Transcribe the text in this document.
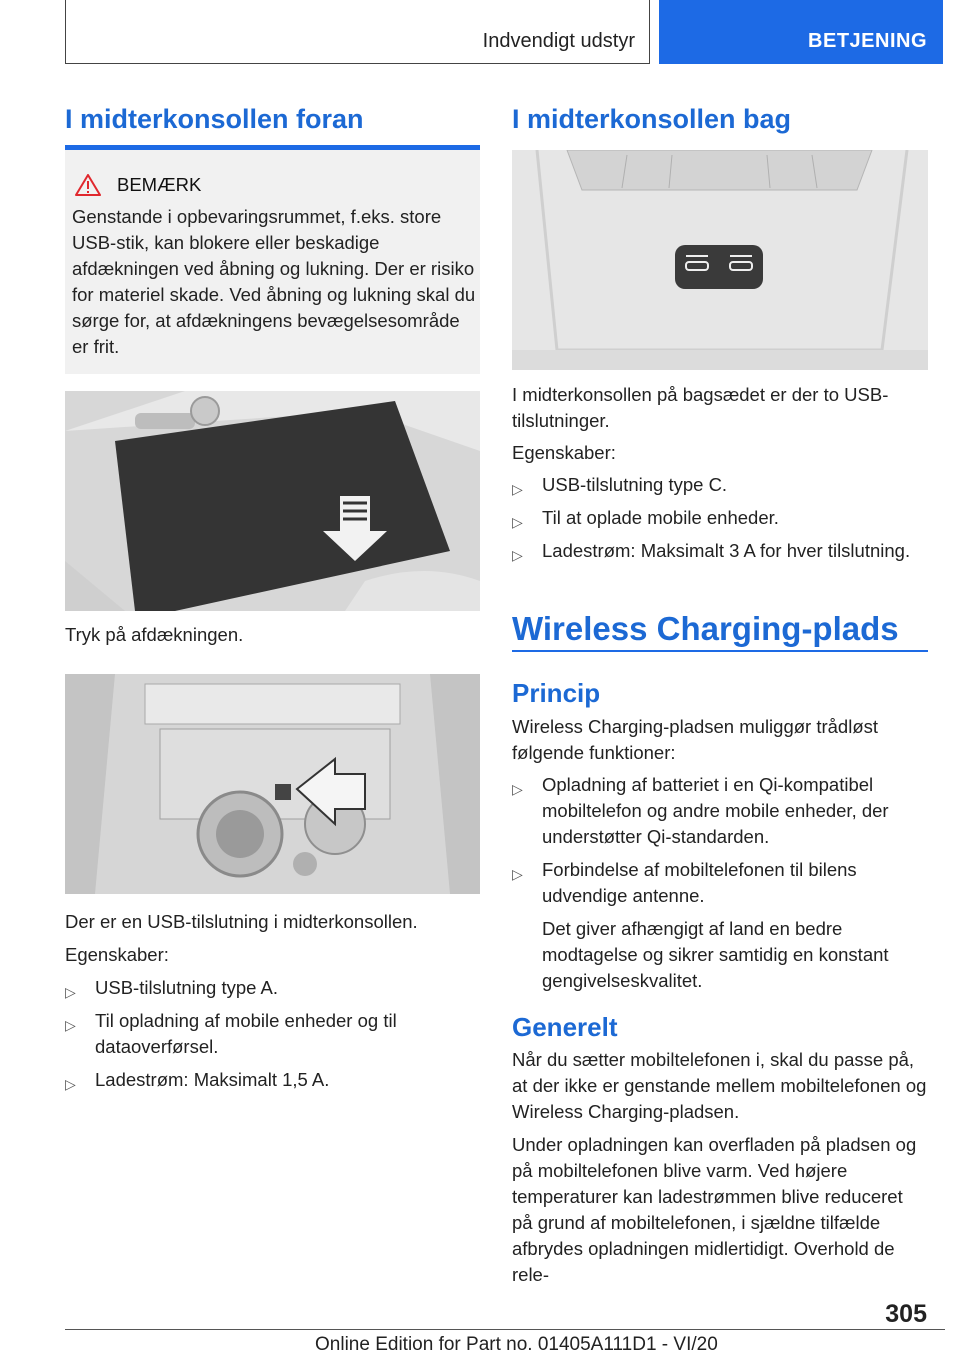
Indvendigt udstyr	BETJENING
I midterkonsollen foran
BEMÆRK
Genstande i opbevaringsrummet, f.eks. store USB-stik, kan blokere eller beskadige afdækningen ved åbning og lukning. Der er risiko for materiel skade. Ved åbning og lukning skal du sørge for, at afdækningens bevægelsesområde er frit.

Tryk på afdækningen.

Der er en USB-tilslutning i midterkonsollen.

Egenskaber:

▷ USB-tilslutning type A.
▷ Til opladning af mobile enheder og til dataoverførsel.
▷ Ladestrøm: Maksimalt 1,5 A.
I midterkonsollen bag

I midterkonsollen på bagsædet er der to USB-tilslutninger.

Egenskaber:

▷ USB-tilslutning type C.
▷ Til at oplade mobile enheder.
▷ Ladestrøm: Maksimalt 3 A for hver tilslutning.
Wireless Charging-plads
Princip

Wireless Charging-pladsen muliggør trådløst følgende funktioner:

▷ Opladning af batteriet i en Qi-kompatibel mobiltelefon og andre mobile enheder, der understøtter Qi-standarden.
▷ Forbindelse af mobiltelefonen til bilens udvendige antenne.
Det giver afhængigt af land en bedre modtagelse og sikrer samtidig en konstant gengivelseskvalitet.
Generelt

Når du sætter mobiltelefonen i, skal du passe på, at der ikke er genstande mellem mobiltelefonen og Wireless Charging-pladsen.

Under opladningen kan overfladen på pladsen og på mobiltelefonen blive varm. Ved højere temperaturer kan ladestrømmen blive reduceret på grund af mobiltelefonen, i sjældne tilfælde afbrydes opladningen midlertidigt. Overhold de rele-

305
Online Edition for Part no. 01405A111D1 - VI/20
